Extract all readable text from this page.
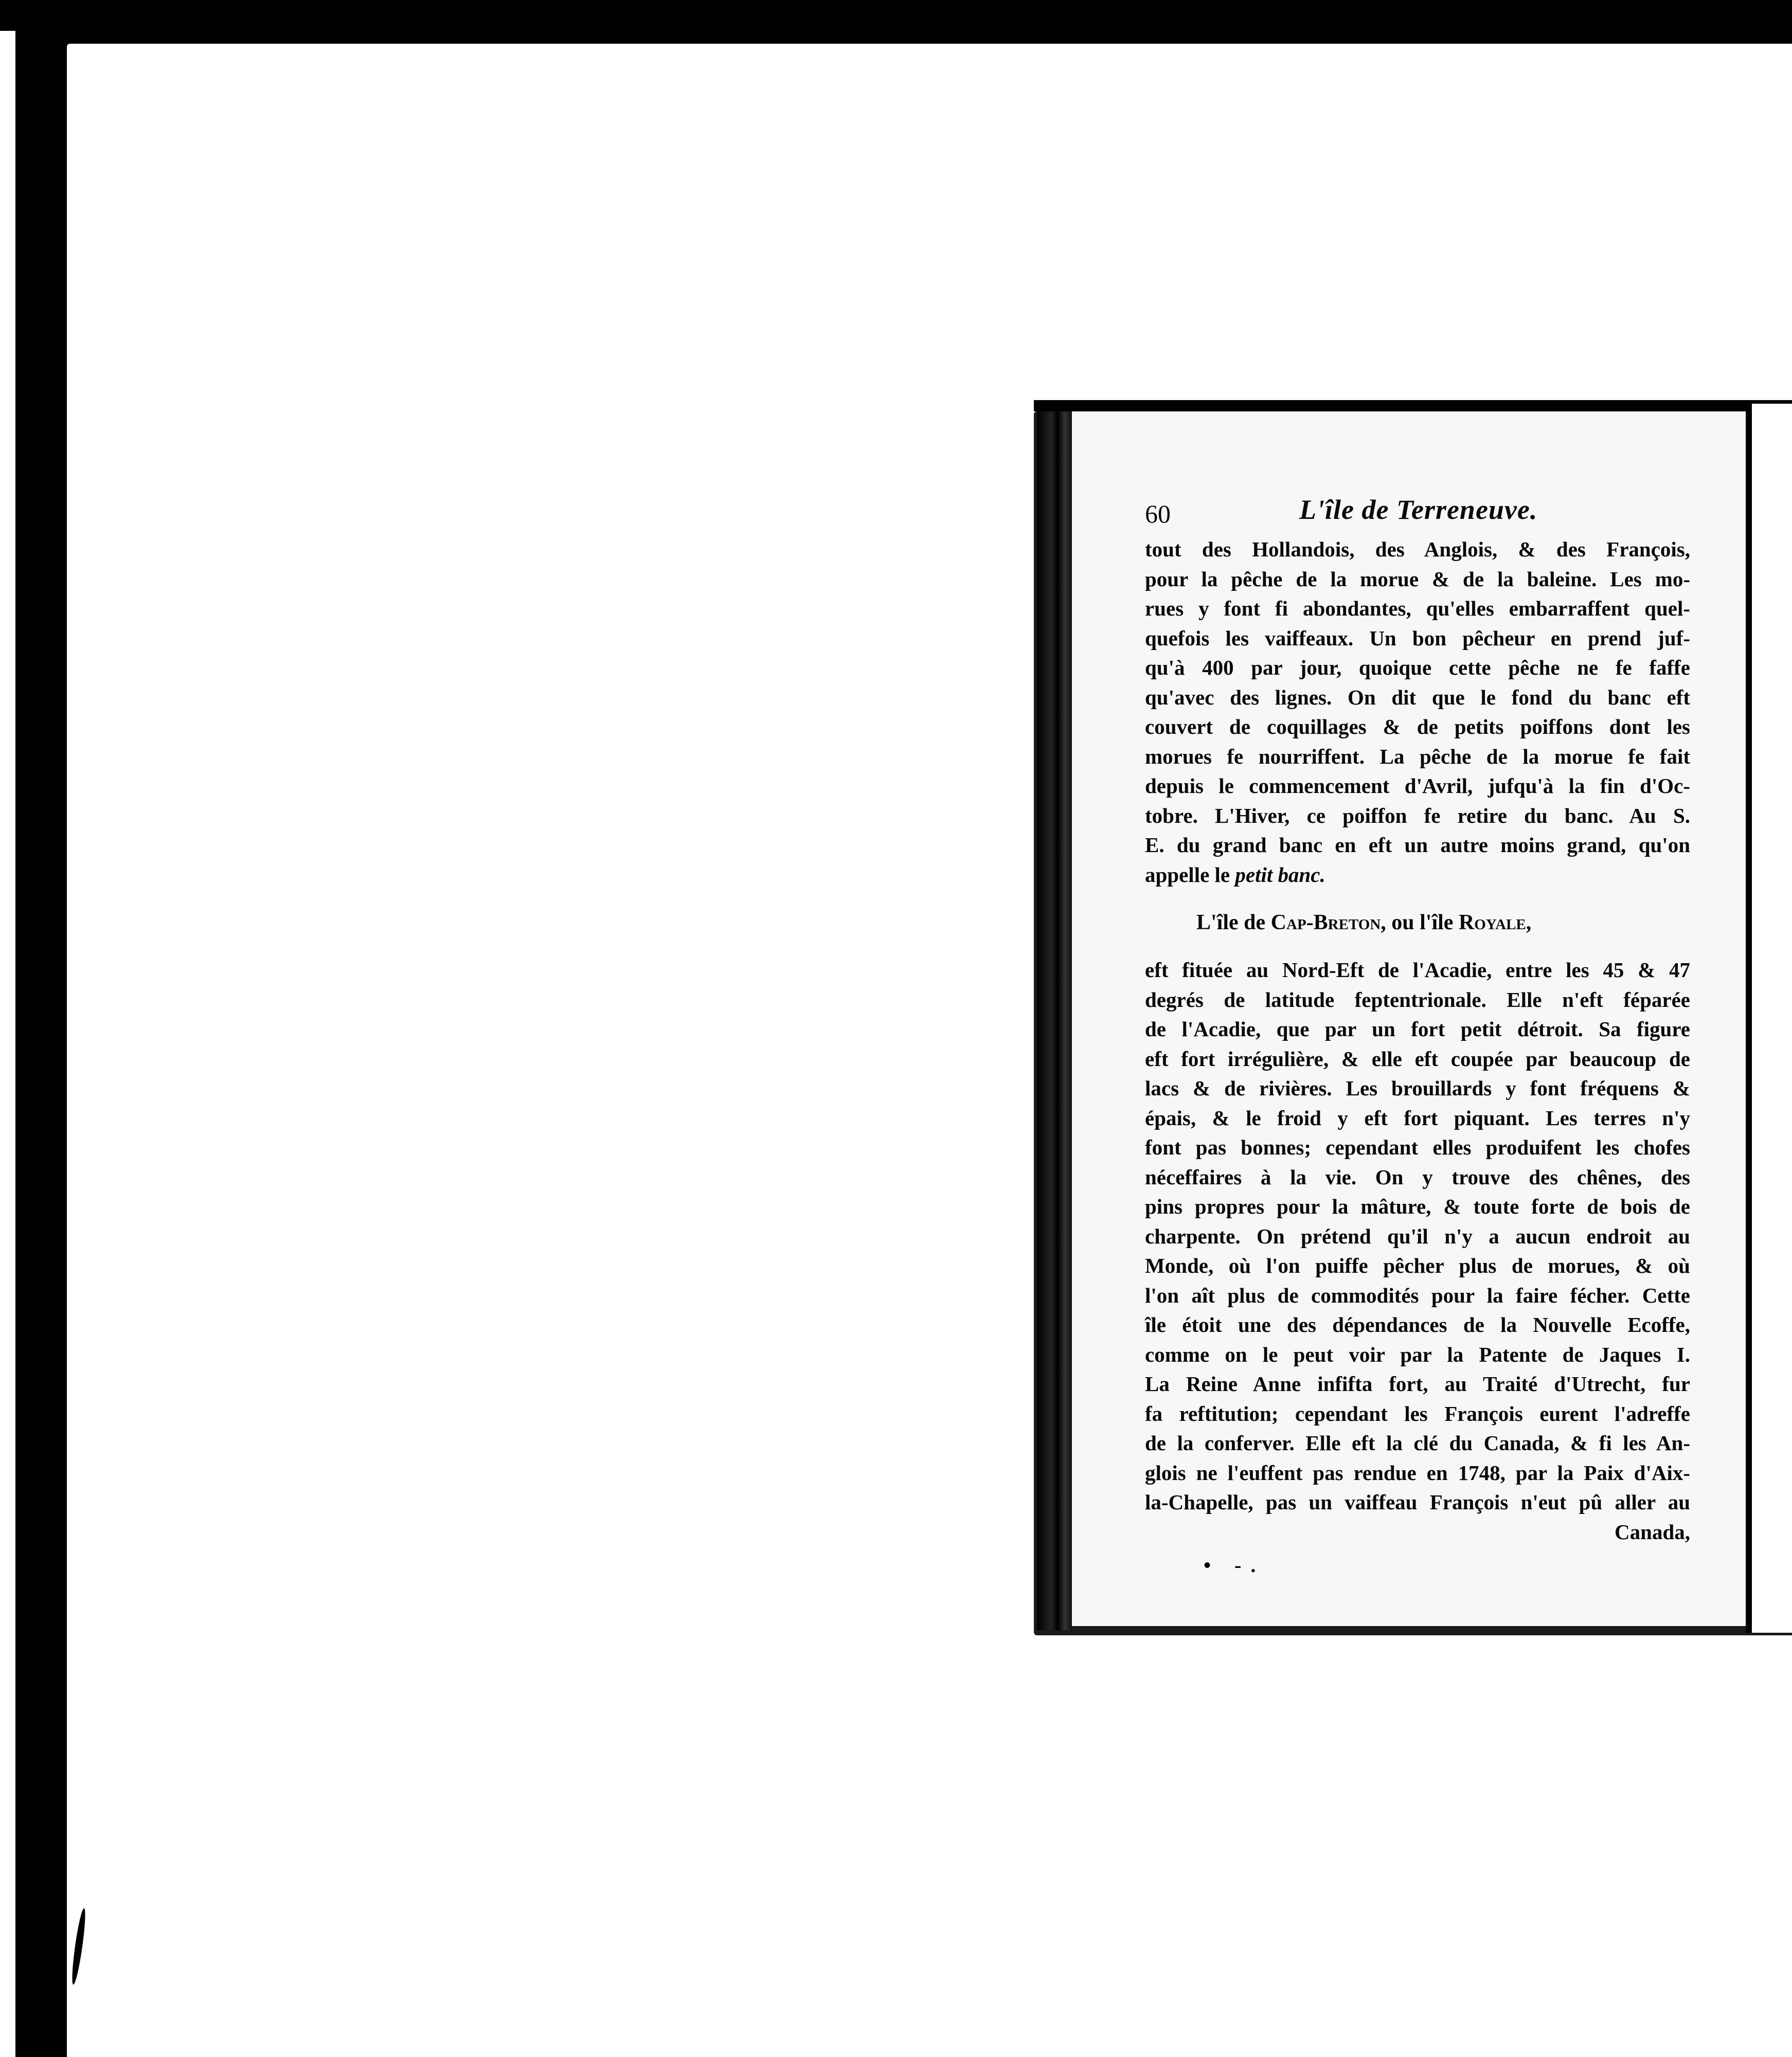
60	L'île de Terreneuve.

tout des Hollandois, des Anglois, & des François,
pour la pêche de la morue & de la baleine. Les mo-
rues y font fi abondantes, qu'elles embarraffent quel-
quefois les vaiffeaux. Un bon pêcheur en prend juf-
qu'à 400 par jour, quoique cette pêche ne fe faffe
qu'avec des lignes. On dit que le fond du banc eft
couvert de coquillages & de petits poiffons dont les
morues fe nourriffent. La pêche de la morue fe fait
depuis le commencement d'Avril, jufqu'à la fin d'Oc-
tobre. L'Hiver, ce poiffon fe retire du banc. Au S.
E. du grand banc en eft un autre moins grand, qu'on
appelle le petit banc.

L'île de Cap-Breton, ou l'île Royale,

eft fituée au Nord-Eft de l'Acadie, entre les 45 & 47
degrés de latitude feptentrionale. Elle n'eft féparée
de l'Acadie, que par un fort petit détroit. Sa figure
eft fort irrégulière, & elle eft coupée par beaucoup de
lacs & de rivières. Les brouillards y font fréquens &
épais, & le froid y eft fort piquant. Les terres n'y
font pas bonnes; cependant elles produifent les chofes
néceffaires à la vie. On y trouve des chênes, des
pins propres pour la mâture, & toute forte de bois de
charpente. On prétend qu'il n'y a aucun endroit au
Monde, où l'on puiffe pêcher plus de morues, & où
l'on aît plus de commodités pour la faire fécher. Cette
île étoit une des dépendances de la Nouvelle Ecoffe,
comme on le peut voir par la Patente de Jaques I.
La Reine Anne infifta fort, au Traité d'Utrecht, fur
fa reftitution; cependant les François eurent l'adreffe
de la conferver. Elle eft la clé du Canada, & fi les An-
glois ne l'euffent pas rendue en 1748, par la Paix d'Aix-
la-Chapelle, pas un vaiffeau François n'eut pû aller au
Canada,

• -.
